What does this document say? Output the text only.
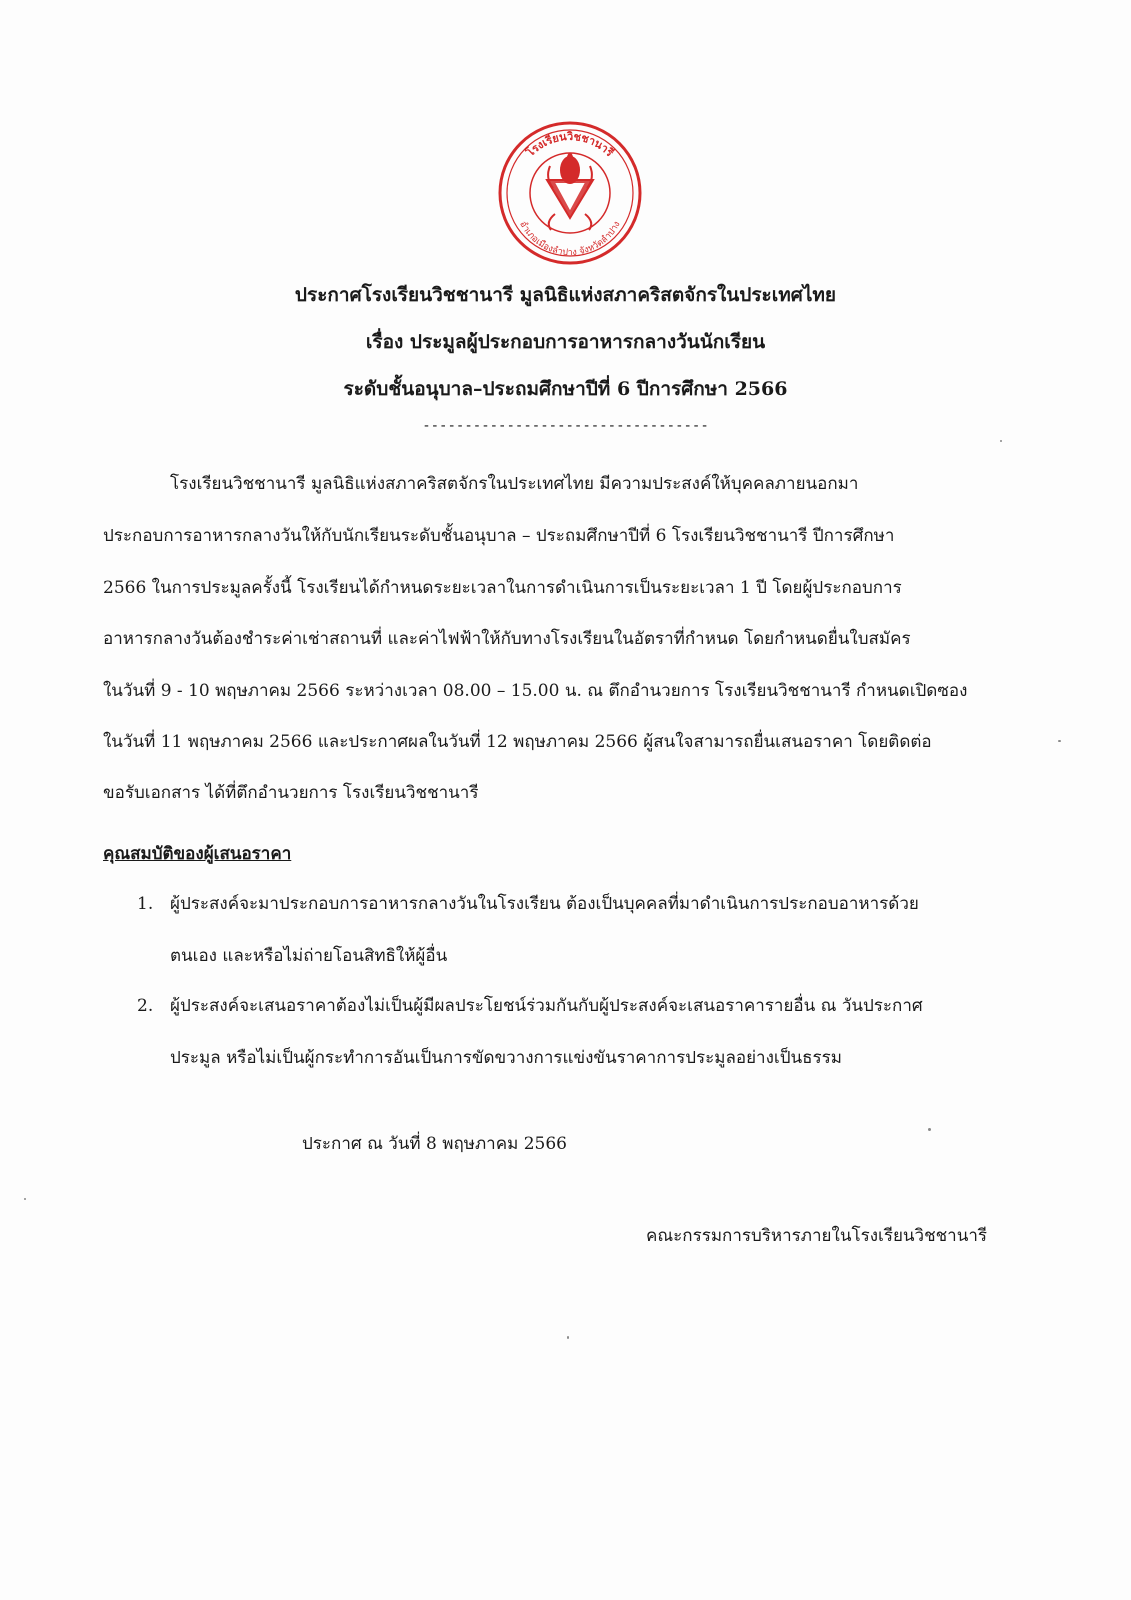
โรงเรียนวิชชานารี
อำเภอเมืองลำปาง จังหวัดลำปาง
ประกาศโรงเรียนวิชชานารี มูลนิธิแห่งสภาคริสตจักรในประเทศไทย
เรื่อง ประมูลผู้ประกอบการอาหารกลางวันนักเรียน
ระดับชั้นอนุบาล–ประถมศึกษาปีที่ 6 ปีการศึกษา 2566
----------------------------------
โรงเรียนวิชชานารี มูลนิธิแห่งสภาคริสตจักรในประเทศไทย มีความประสงค์ให้บุคคลภายนอกมา
ประกอบการอาหารกลางวันให้กับนักเรียนระดับชั้นอนุบาล – ประถมศึกษาปีที่ 6 โรงเรียนวิชชานารี ปีการศึกษา
2566 ในการประมูลครั้งนี้ โรงเรียนได้กำหนดระยะเวลาในการดำเนินการเป็นระยะเวลา 1 ปี โดยผู้ประกอบการ
อาหารกลางวันต้องชำระค่าเช่าสถานที่ และค่าไฟฟ้าให้กับทางโรงเรียนในอัตราที่กำหนด โดยกำหนดยื่นใบสมัคร
ในวันที่ 9 - 10 พฤษภาคม 2566 ระหว่างเวลา 08.00 – 15.00 น. ณ ตึกอำนวยการ โรงเรียนวิชชานารี กำหนดเปิดซอง
ในวันที่ 11 พฤษภาคม 2566 และประกาศผลในวันที่ 12 พฤษภาคม 2566 ผู้สนใจสามารถยื่นเสนอราคา โดยติดต่อ
ขอรับเอกสาร ได้ที่ตึกอำนวยการ โรงเรียนวิชชานารี
คุณสมบัติของผู้เสนอราคา
1. ผู้ประสงค์จะมาประกอบการอาหารกลางวันในโรงเรียน ต้องเป็นบุคคลที่มาดำเนินการประกอบอาหารด้วย
ตนเอง และหรือไม่ถ่ายโอนสิทธิให้ผู้อื่น
2. ผู้ประสงค์จะเสนอราคาต้องไม่เป็นผู้มีผลประโยชน์ร่วมกันกับผู้ประสงค์จะเสนอราคารายอื่น ณ วันประกาศ
ประมูล หรือไม่เป็นผู้กระทำการอันเป็นการขัดขวางการแข่งขันราคาการประมูลอย่างเป็นธรรม
ประกาศ ณ วันที่ 8 พฤษภาคม 2566
คณะกรรมการบริหารภายในโรงเรียนวิชชานารี
